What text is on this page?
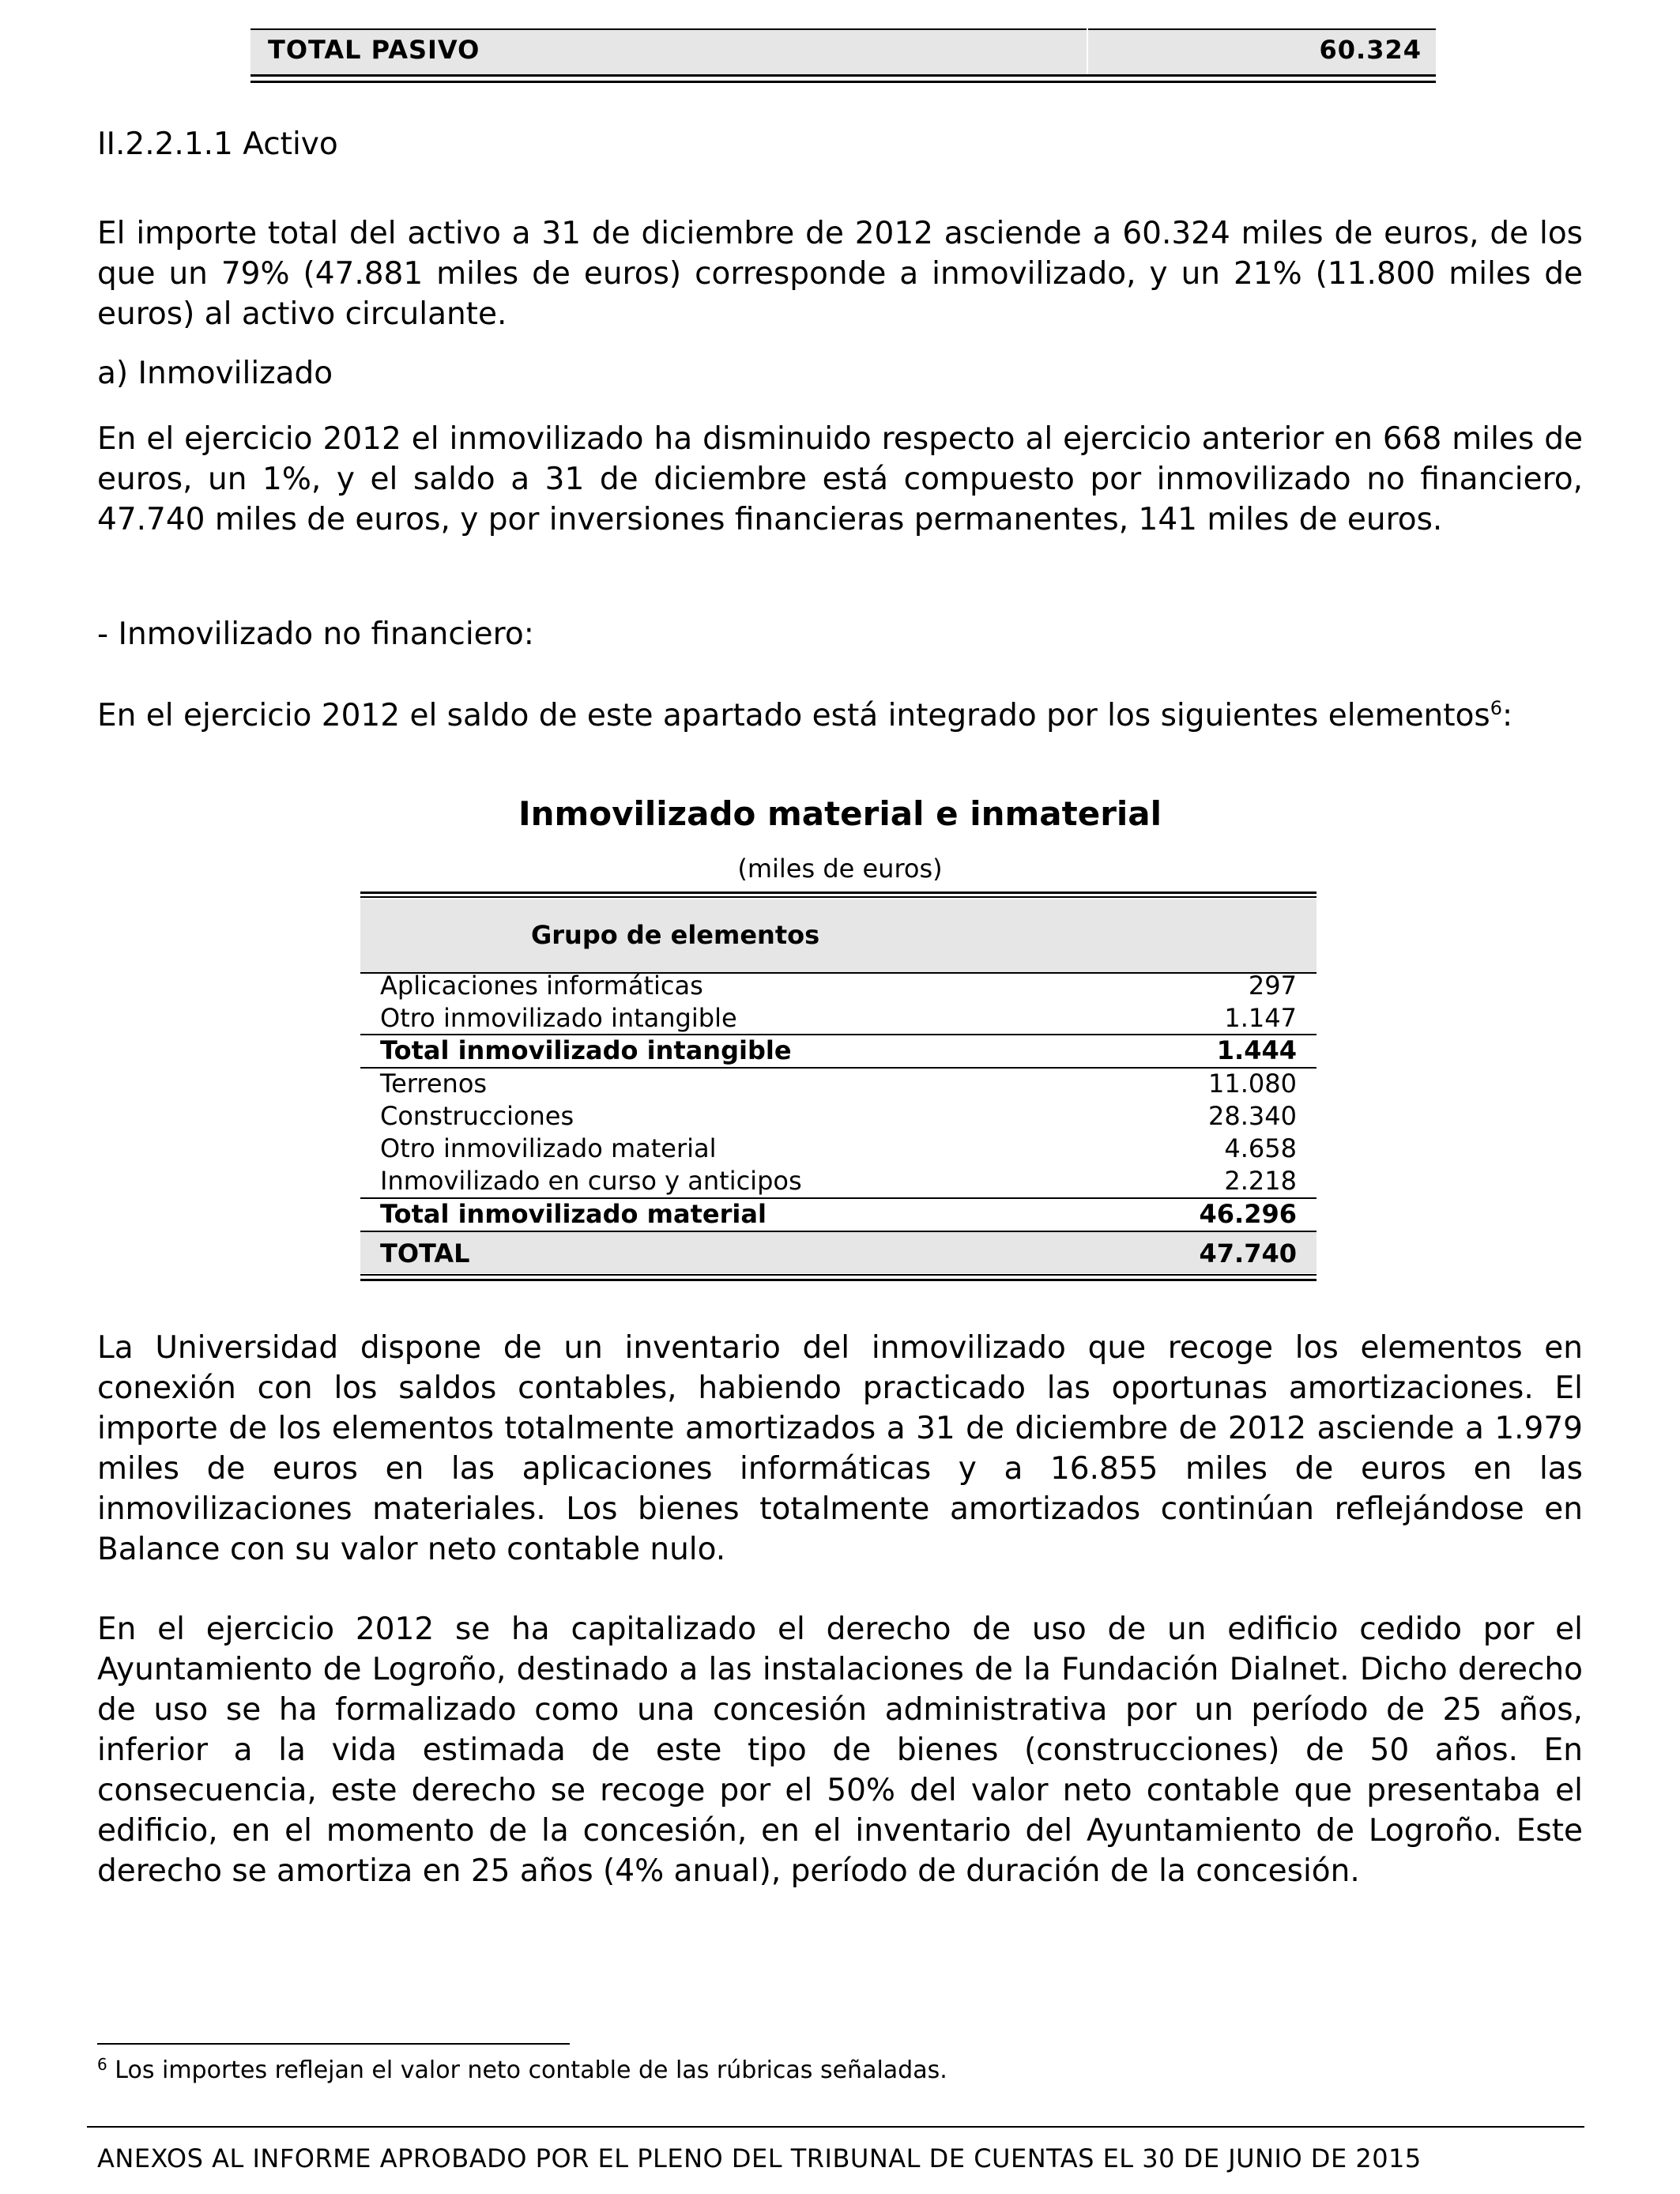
TOTAL PASIVO	60.324
II.2.2.1.1 Activo
El importe total del activo a 31 de diciembre de 2012 asciende a 60.324 miles de euros, de los que un 79% (47.881 miles de euros) corresponde a inmovilizado, y un 21% (11.800 miles de euros) al activo circulante.
a) Inmovilizado
En el ejercicio 2012 el inmovilizado ha disminuido respecto al ejercicio anterior en 668 miles de euros, un 1%, y el saldo a 31 de diciembre está compuesto por inmovilizado no financiero, 47.740 miles de euros, y por inversiones financieras permanentes, 141 miles de euros.
- Inmovilizado no financiero:
En el ejercicio 2012 el saldo de este apartado está integrado por los siguientes elementos$^6$:
Inmovilizado material e inmaterial
(miles de euros)
Grupo de elementos
Aplicaciones informáticas	297
Otro inmovilizado intangible	1.147
Total inmovilizado intangible	1.444
Terrenos	11.080
Construcciones	28.340
Otro inmovilizado material	4.658
Inmovilizado en curso y anticipos	2.218
Total inmovilizado material	46.296
TOTAL	47.740
La Universidad dispone de un inventario del inmovilizado que recoge los elementos en conexión con los saldos contables, habiendo practicado las oportunas amortizaciones. El importe de los elementos totalmente amortizados a 31 de diciembre de 2012 asciende a 1.979 miles de euros en las aplicaciones informáticas y a 16.855 miles de euros en las inmovilizaciones materiales. Los bienes totalmente amortizados continúan reflejándose en Balance con su valor neto contable nulo.
En el ejercicio 2012 se ha capitalizado el derecho de uso de un edificio cedido por el Ayuntamiento de Logroño, destinado a las instalaciones de la Fundación Dialnet. Dicho derecho de uso se ha formalizado como una concesión administrativa por un período de 25 años, inferior a la vida estimada de este tipo de bienes (construcciones) de 50 años. En consecuencia, este derecho se recoge por el 50% del valor neto contable que presentaba el edificio, en el momento de la concesión, en el inventario del Ayuntamiento de Logroño. Este derecho se amortiza en 25 años (4% anual), período de duración de la concesión.
$^6$ Los importes reflejan el valor neto contable de las rúbricas señaladas.
ANEXOS AL INFORME APROBADO POR EL PLENO DEL TRIBUNAL DE CUENTAS EL 30 DE JUNIO DE 2015
